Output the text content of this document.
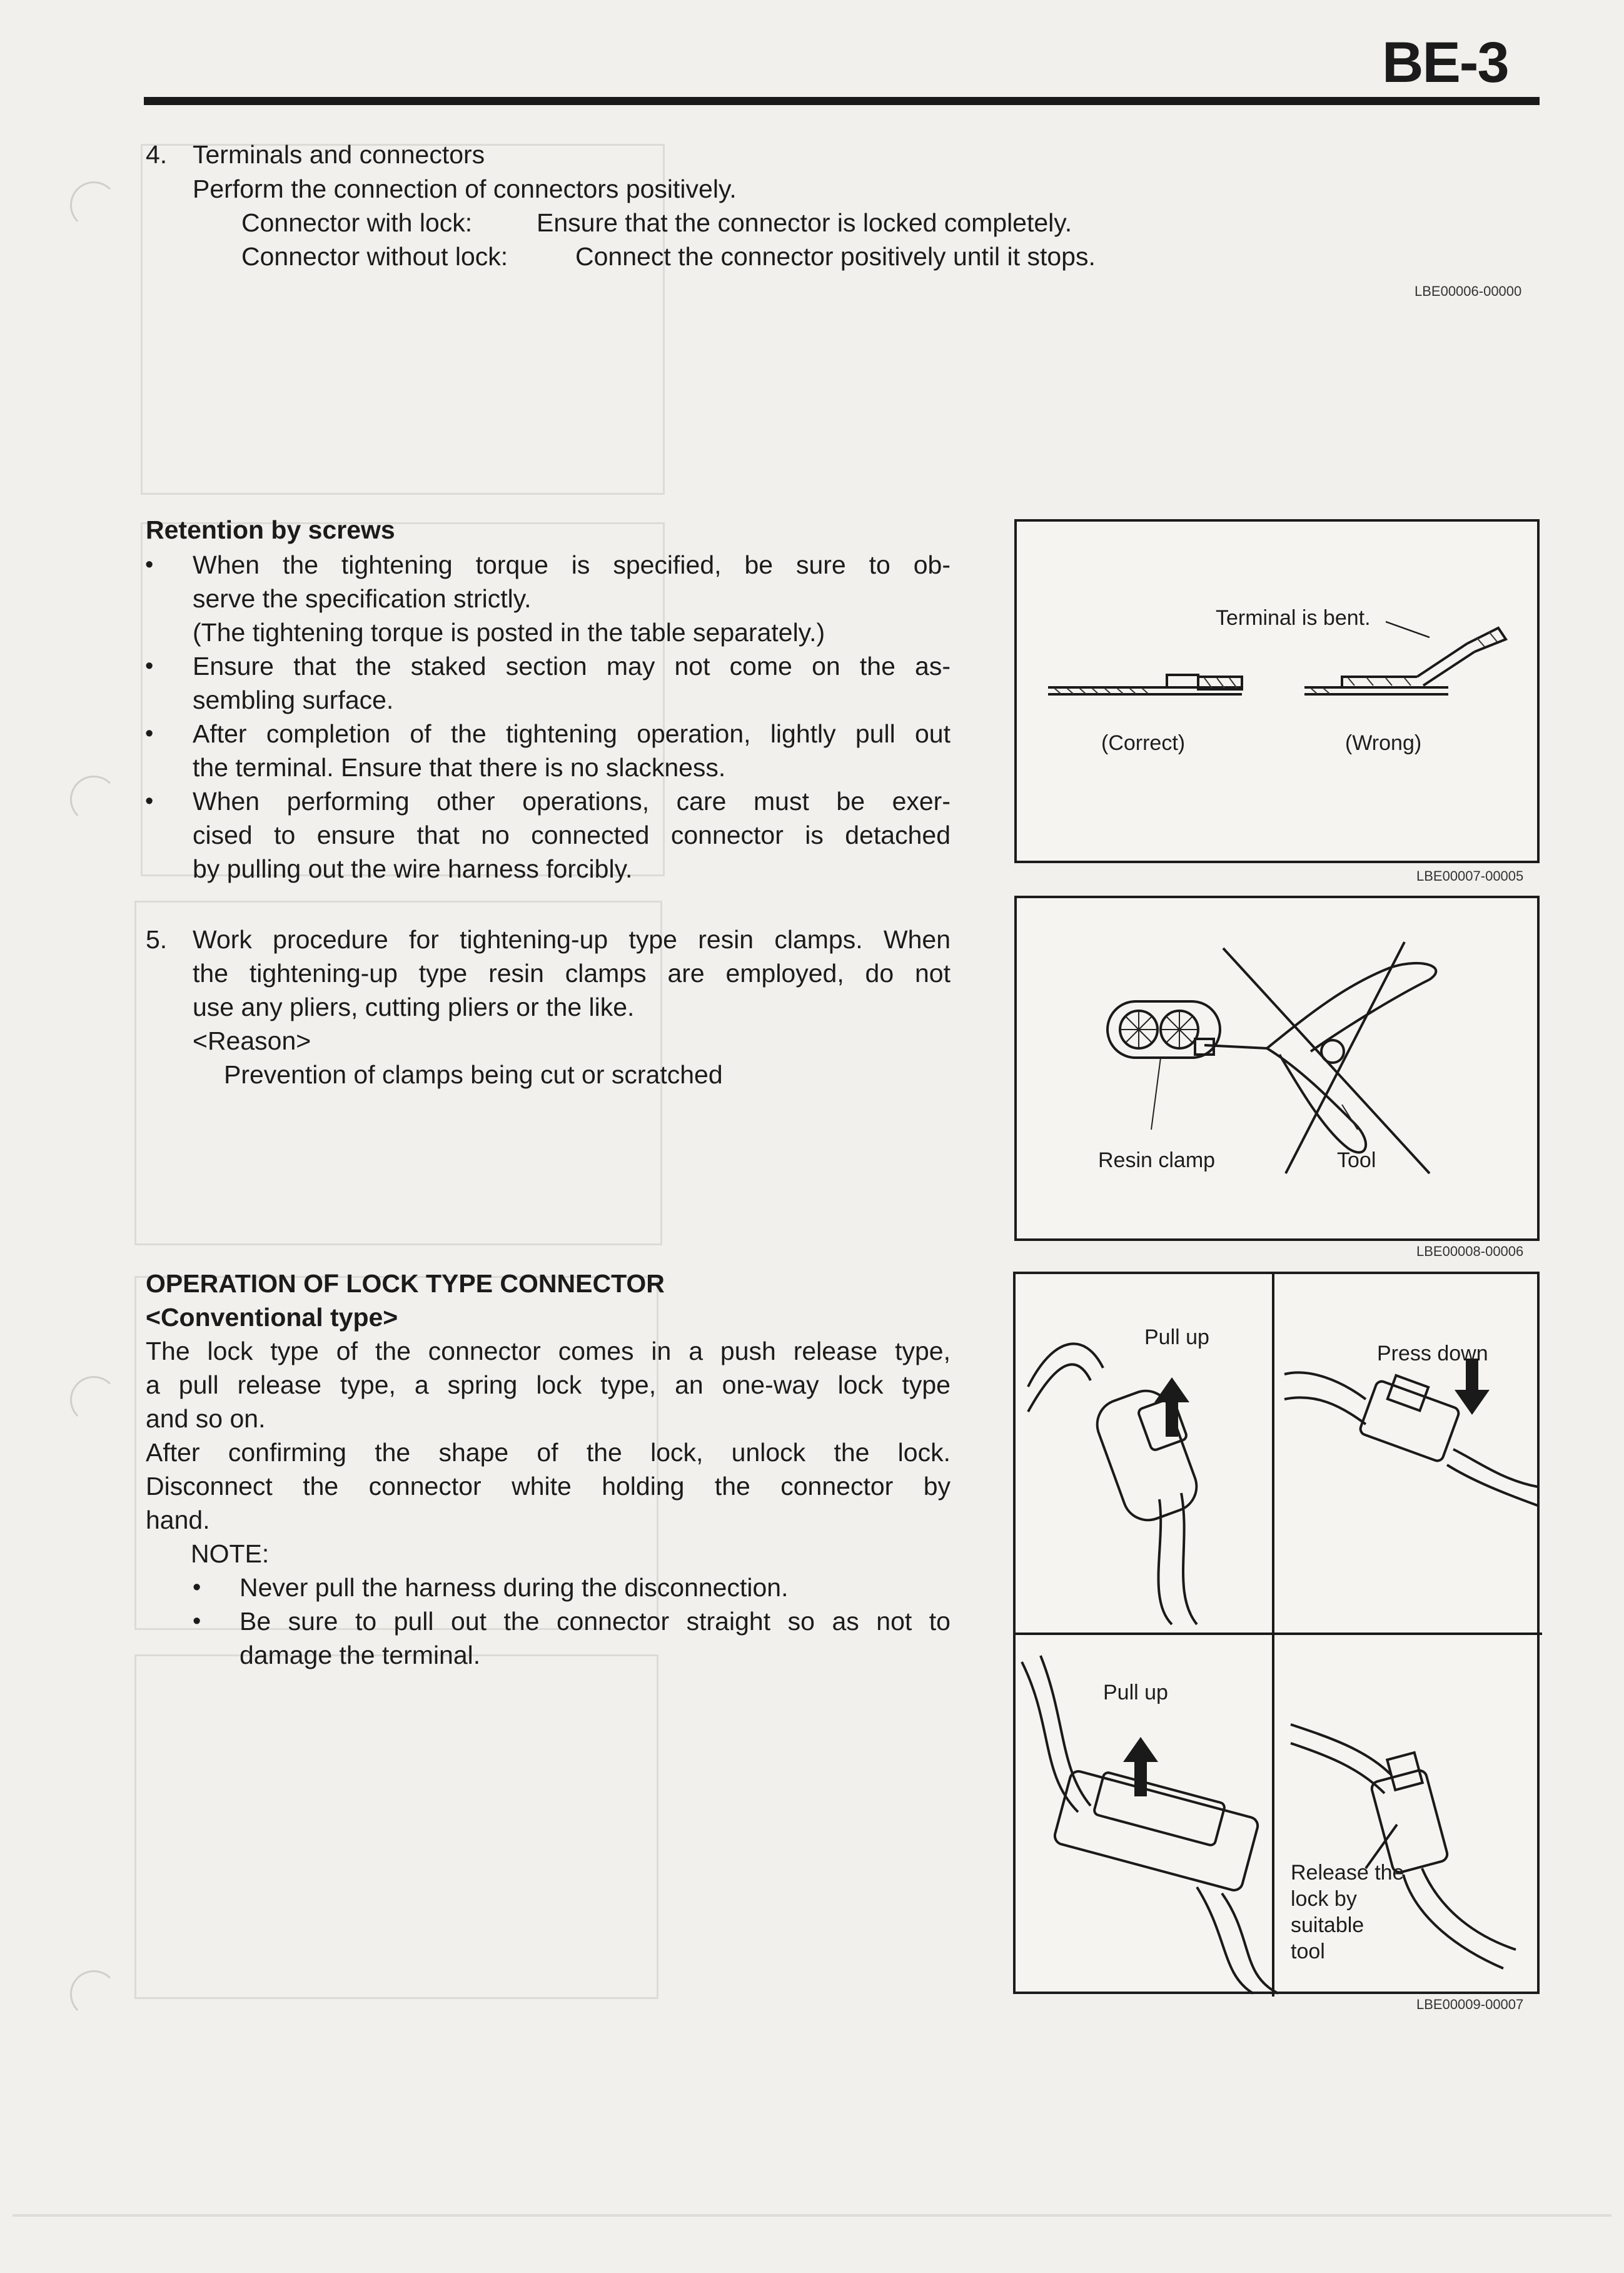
BE-3
4. Terminals and connectors
Perform the connection of connectors positively.
Connector with lock:	Ensure that the connector is locked completely.
Connector without lock:	Connect the connector positively until it stops.
LBE00006-00000
Retention by screws
• When the tightening torque is specified, be sure to ob-
serve the specification strictly.
(The tightening torque is posted in the table separately.)
• Ensure that the staked section may not come on the as-
sembling surface.
• After completion of the tightening operation, lightly pull out
the terminal. Ensure that there is no slackness.
• When performing other operations, care must be exer-
cised to ensure that no connected connector is detached
by pulling out the wire harness forcibly.
Terminal is bent.
(Correct)	(Wrong)
LBE00007-00005
5. Work procedure for tightening-up type resin clamps. When
the tightening-up type resin clamps are employed, do not
use any pliers, cutting pliers or the like.
<Reason>
Prevention of clamps being cut or scratched
Resin clamp	Tool
LBE00008-00006
OPERATION OF LOCK TYPE CONNECTOR
<Conventional type>
The lock type of the connector comes in a push release type,
a pull release type, a spring lock type, an one-way lock type
and so on.
After confirming the shape of the lock, unlock the lock.
Disconnect the connector white holding the connector by
hand.
NOTE:
• Never pull the harness during the disconnection.
• Be sure to pull out the connector straight so as not to
damage the terminal.
Pull up
Press down
Pull up
Release the
lock by
suitable
tool
LBE00009-00007
